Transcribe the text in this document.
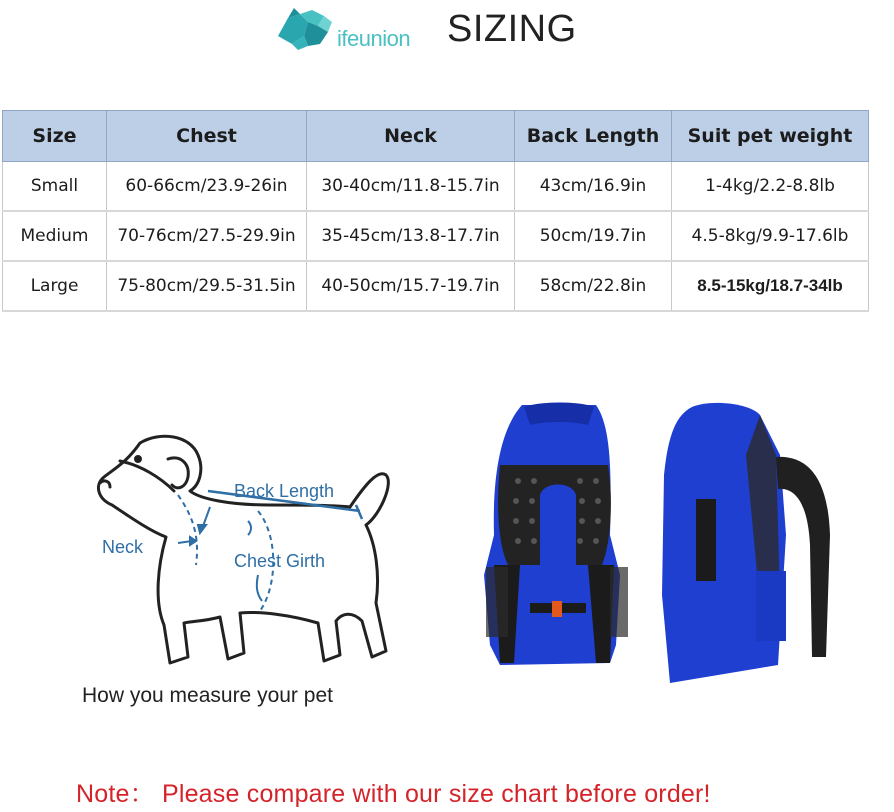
ifeunion SIZING
Size	Chest	Neck	Back Length	Suit pet weight
Small	60-66cm/23.9-26in	30-40cm/11.8-15.7in	43cm/16.9in	1-4kg/2.2-8.8lb
Medium	70-76cm/27.5-29.9in	35-45cm/13.8-17.7in	50cm/19.7in	4.5-8kg/9.9-17.6lb
Large	75-80cm/29.5-31.5in	40-50cm/15.7-19.7in	58cm/22.8in	8.5-15kg/18.7-34lb
Back Length
Neck
Chest Girth
How you measure your pet
Note： Please compare with our size chart before order!
